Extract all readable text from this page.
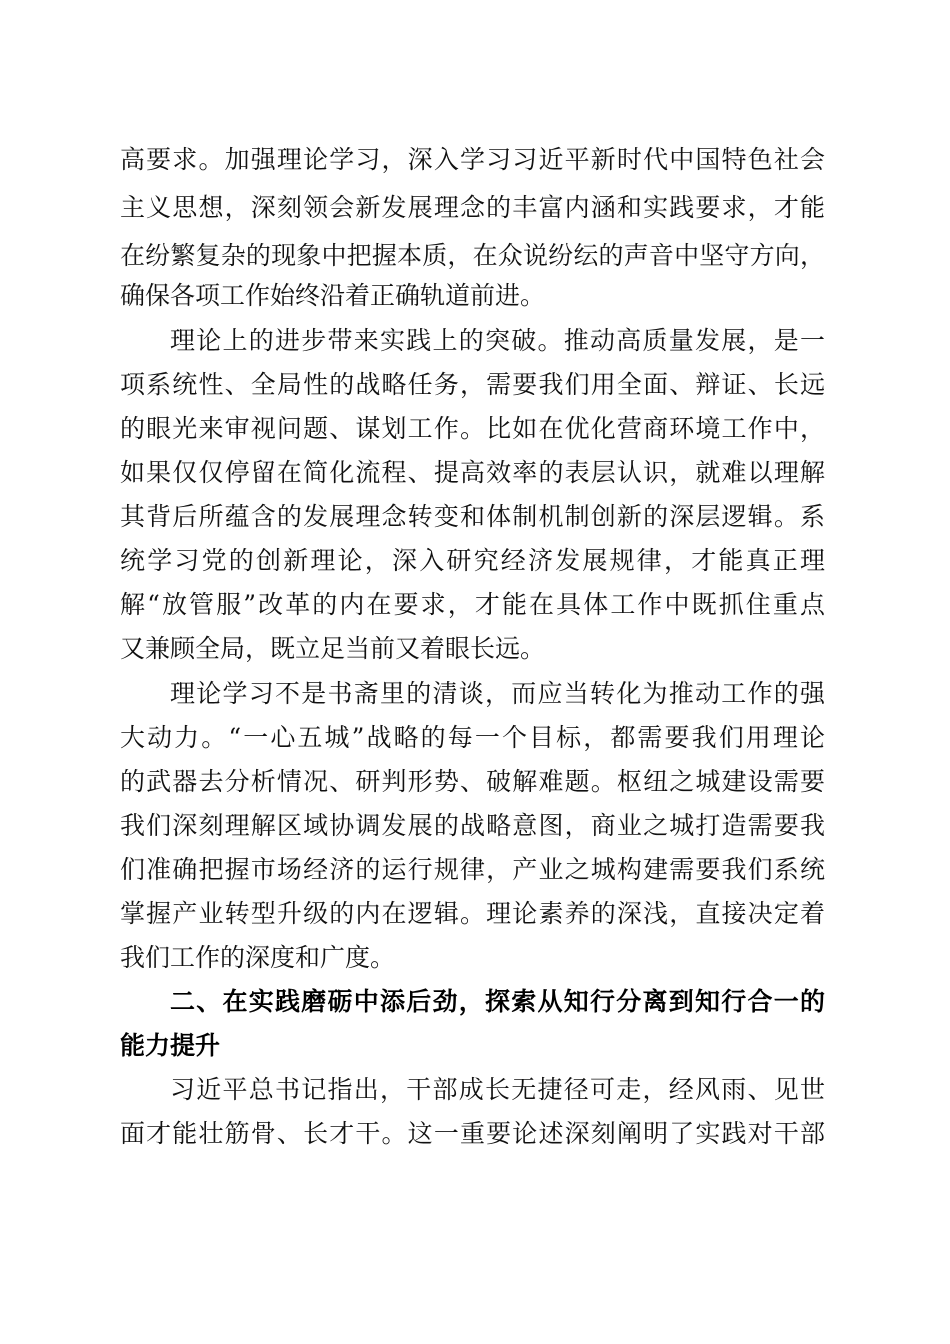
高要求。加强理论学习，深入学习习近平新时代中国特色社会
主义思想，深刻领会新发展理念的丰富内涵和实践要求，才能
在纷繁复杂的现象中把握本质，在众说纷纭的声音中坚守方向，
确保各项工作始终沿着正确轨道前进。
理论上的进步带来实践上的突破。推动高质量发展，是一
项系统性、全局性的战略任务，需要我们用全面、辩证、长远
的眼光来审视问题、谋划工作。比如在优化营商环境工作中，
如果仅仅停留在简化流程、提高效率的表层认识，就难以理解
其背后所蕴含的发展理念转变和体制机制创新的深层逻辑。系
统学习党的创新理论，深入研究经济发展规律，才能真正理
解“放管服”改革的内在要求，才能在具体工作中既抓住重点
又兼顾全局，既立足当前又着眼长远。
理论学习不是书斋里的清谈，而应当转化为推动工作的强
大动力。“一心五城”战略的每一个目标，都需要我们用理论
的武器去分析情况、研判形势、破解难题。枢纽之城建设需要
我们深刻理解区域协调发展的战略意图，商业之城打造需要我
们准确把握市场经济的运行规律，产业之城构建需要我们系统
掌握产业转型升级的内在逻辑。理论素养的深浅，直接决定着
我们工作的深度和广度。
二、在实践磨砺中添后劲，探索从知行分离到知行合一的
能力提升
习近平总书记指出，干部成长无捷径可走，经风雨、见世
面才能壮筋骨、长才干。这一重要论述深刻阐明了实践对干部
